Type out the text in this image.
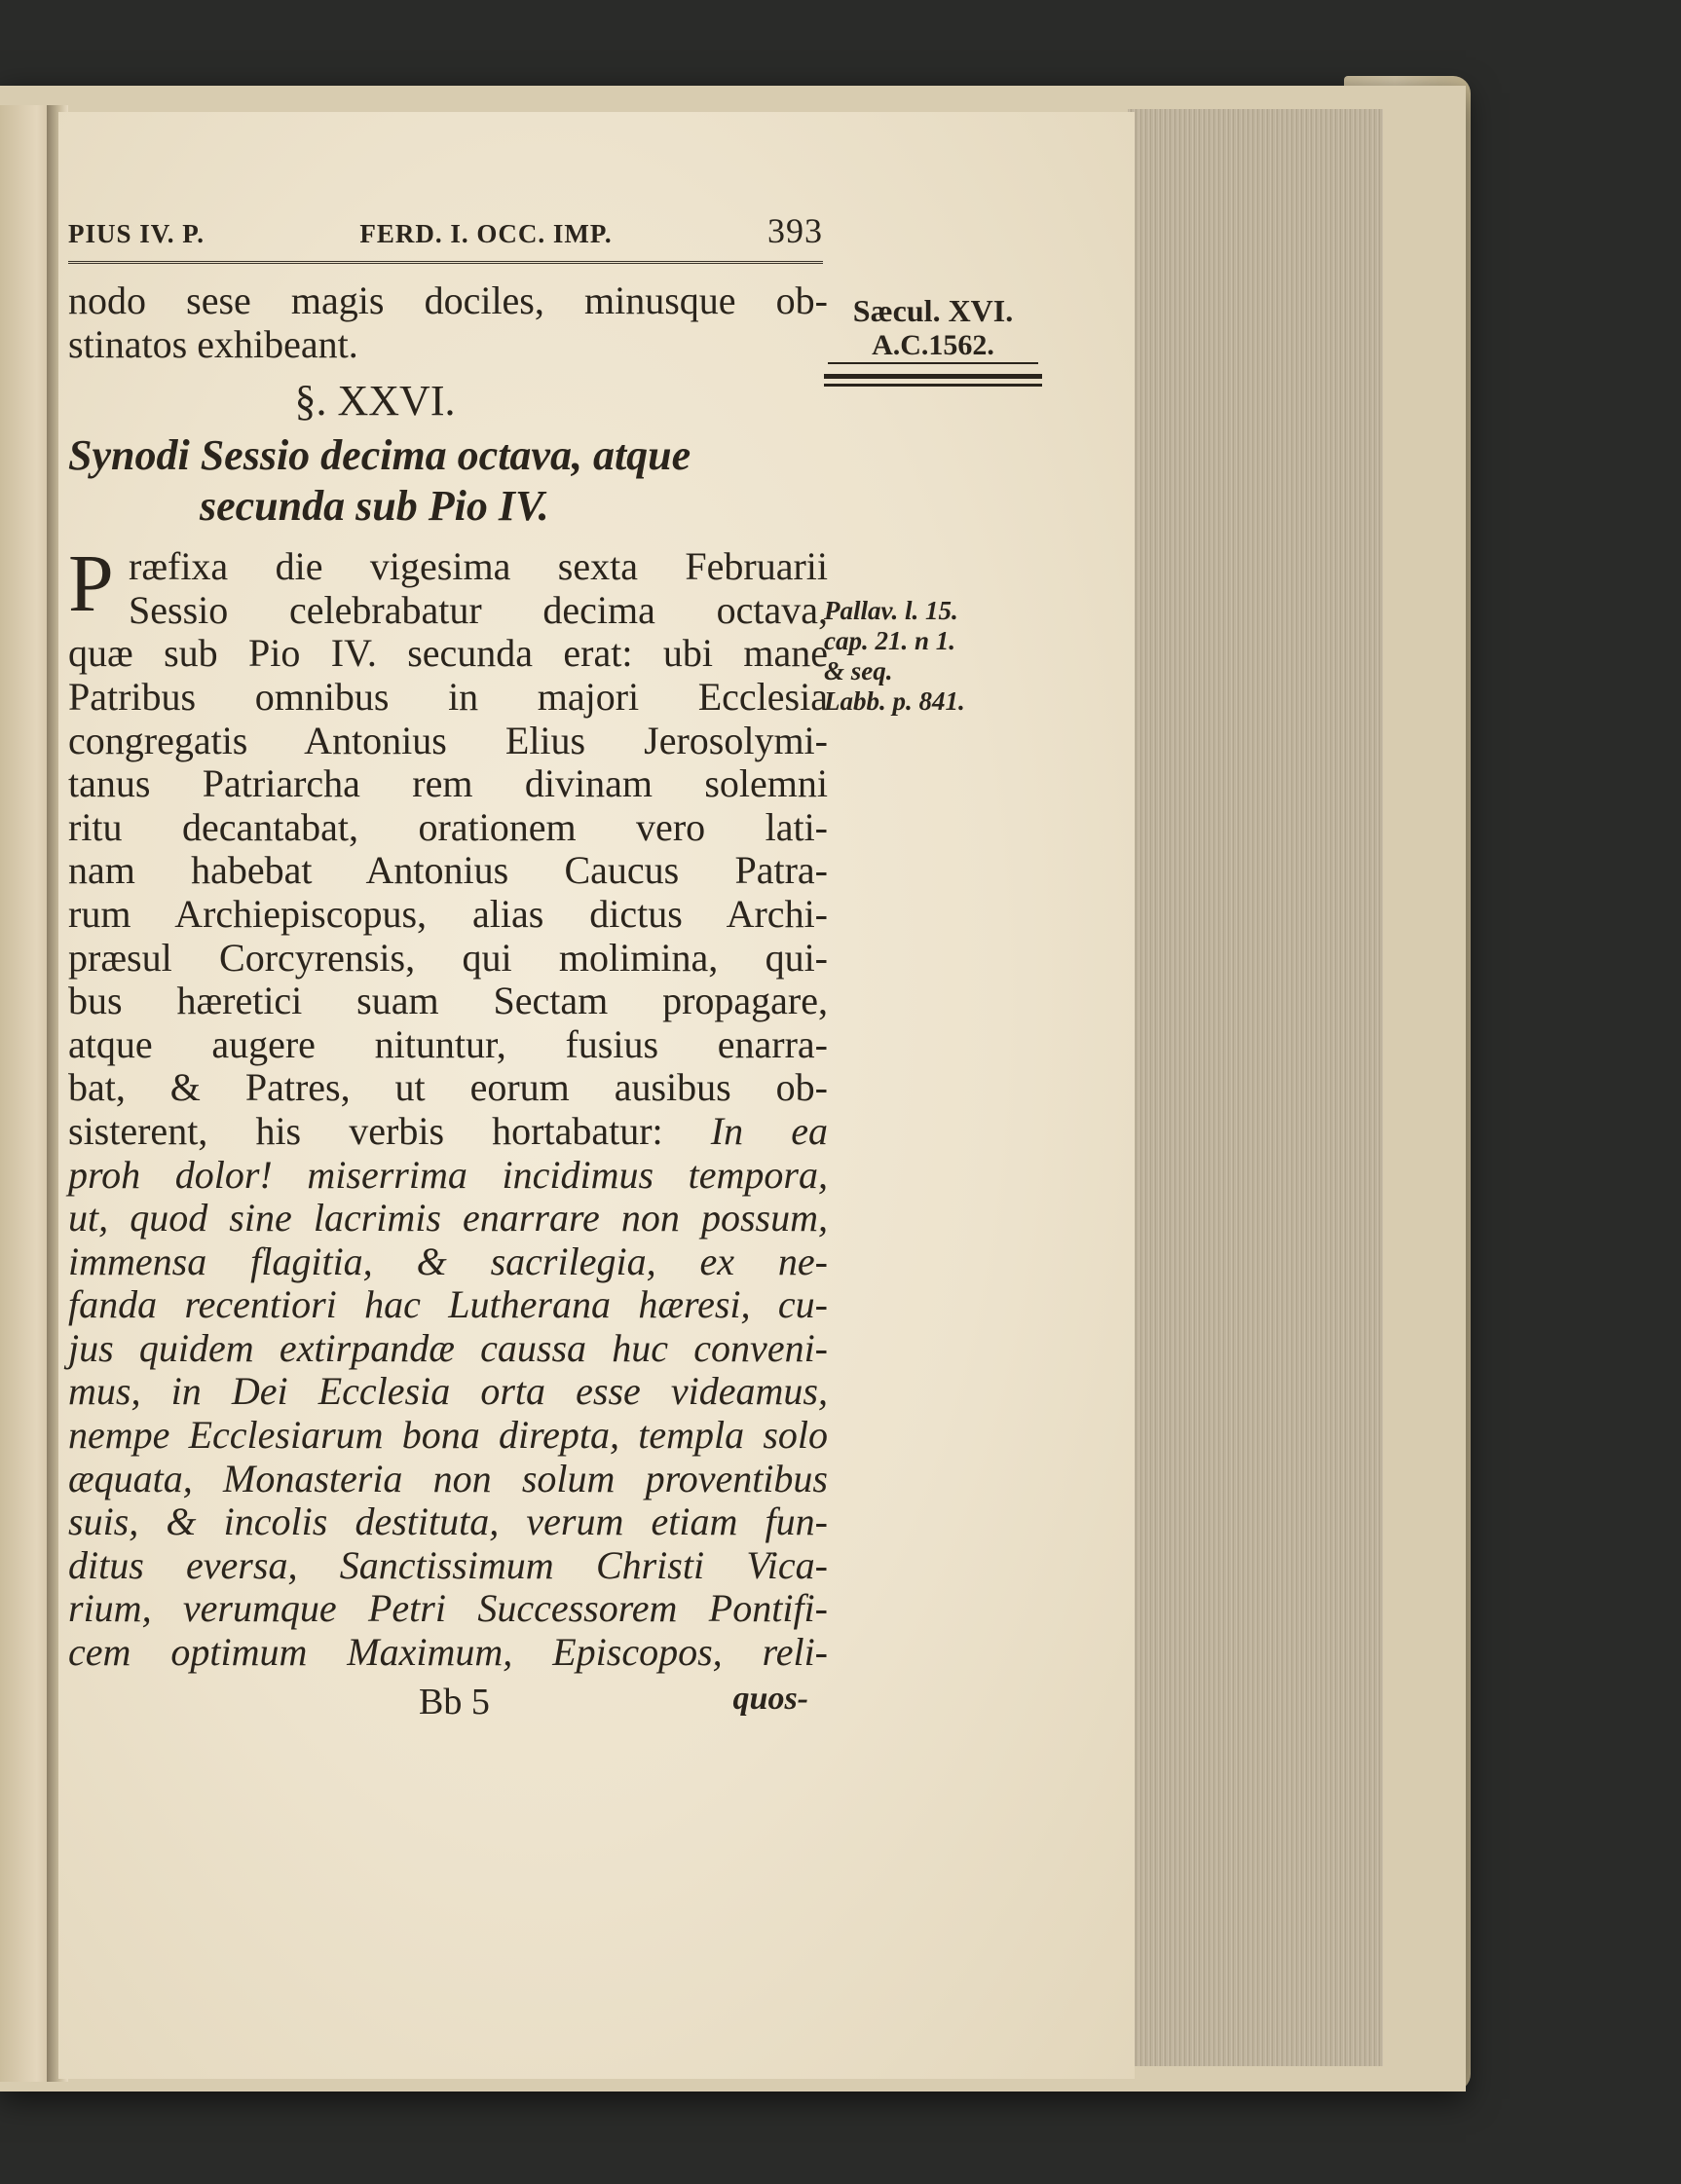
PIUS IV. P.	FERD. I. OCC. IMP.	393
nodo sese magis dociles, minusque ob-
stinatos exhibeant.
§. XXVI.
Synodi Sessio decima octava, atque
secunda sub Pio IV.
P ræfixa die vigesima sexta Februarii
Sessio celebrabatur decima octava,
quæ sub Pio IV. secunda erat: ubi mane
Patribus omnibus in majori Ecclesia
congregatis Antonius Elius Jerosolymi-
tanus Patriarcha rem divinam solemni
ritu decantabat, orationem vero lati-
nam habebat Antonius Caucus Patra-
rum Archiepiscopus, alias dictus Archi-
præsul Corcyrensis, qui molimina, qui-
bus hæretici suam Sectam propagare,
atque augere nituntur, fusius enarra-
bat, & Patres, ut eorum ausibus ob-
sisterent, his verbis hortabatur: In ea
proh dolor! miserrima incidimus tempora,
ut, quod sine lacrimis enarrare non possum,
immensa flagitia, & sacrilegia, ex ne-
fanda recentiori hac Lutherana hæresi, cu-
jus quidem extirpandæ caussa huc conveni-
mus, in Dei Ecclesia orta esse videamus,
nempe Ecclesiarum bona direpta, templa solo
æquata, Monasteria non solum proventibus
suis, & incolis destituta, verum etiam fun-
ditus eversa, Sanctissimum Christi Vica-
rium, verumque Petri Successorem Pontifi-
cem optimum Maximum, Episcopos, reli-
Bb 5	quos-
Sæcul. XVI.
A.C.1562.
Pallav. l. 15.
cap. 21. n 1.
& seq.
Labb. p. 841.
